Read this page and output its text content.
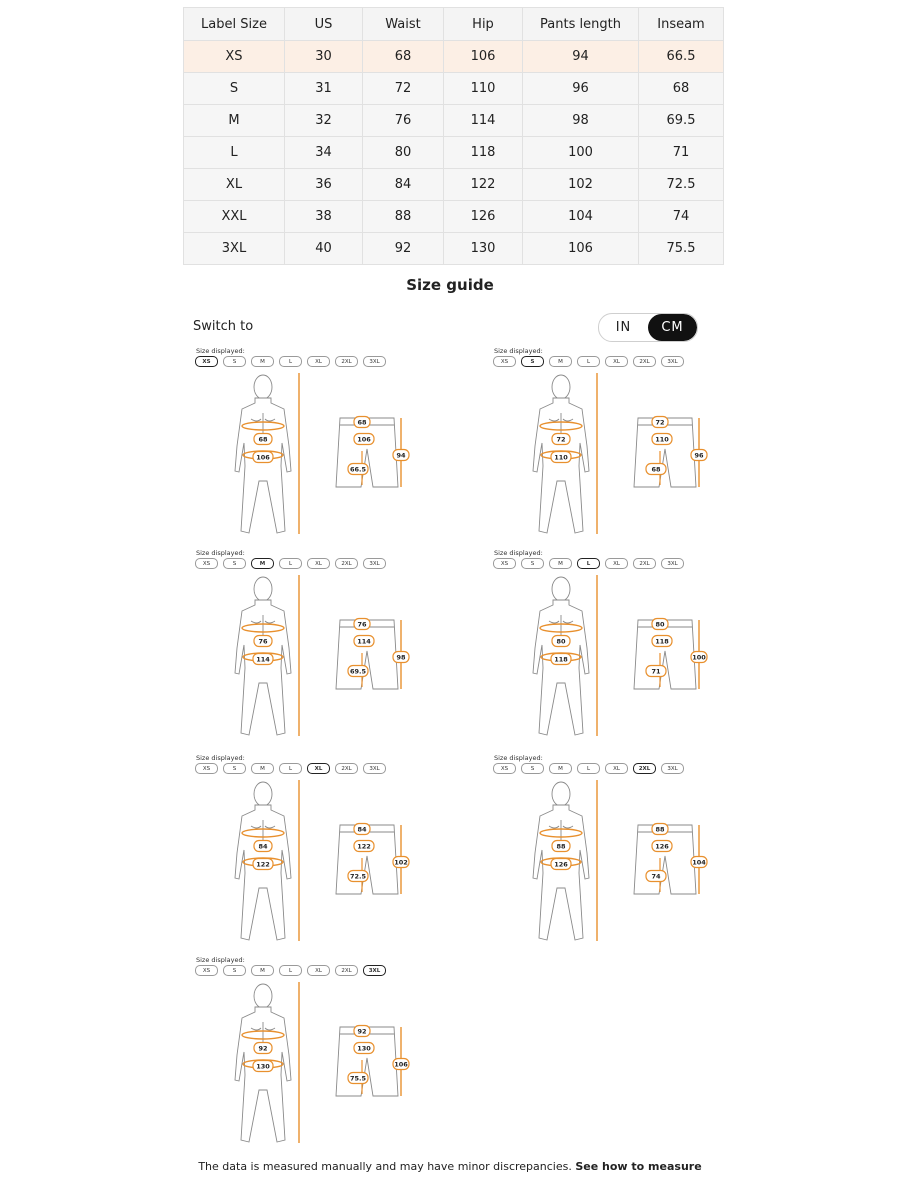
Label Size	US	Waist	Hip	Pants length	Inseam
XS	30	68	106	94	66.5
S	31	72	110	96	68
M	32	76	114	98	69.5
L	34	80	118	100	71
XL	36	84	122	102	72.5
XXL	38	88	126	104	74
3XL	40	92	130	106	75.5
Size guide
Switch to	IN	CM
Size displayed:
XS	S	M	L	XL	2XL	3XL
68
106
68
106
66.5
94
Size displayed:
XS	S	M	L	XL	2XL	3XL
72
110
72
110
68
96
Size displayed:
XS	S	M	L	XL	2XL	3XL
76
114
76
114
69.5
98
Size displayed:
XS	S	M	L	XL	2XL	3XL
80
118
80
118
71
100
Size displayed:
XS	S	M	L	XL	2XL	3XL
84
122
84
122
72.5
102
Size displayed:
XS	S	M	L	XL	2XL	3XL
88
126
88
126
74
104
Size displayed:
XS	S	M	L	XL	2XL	3XL
92
130
92
130
75.5
106
The data is measured manually and may have minor discrepancies. See how to measure
